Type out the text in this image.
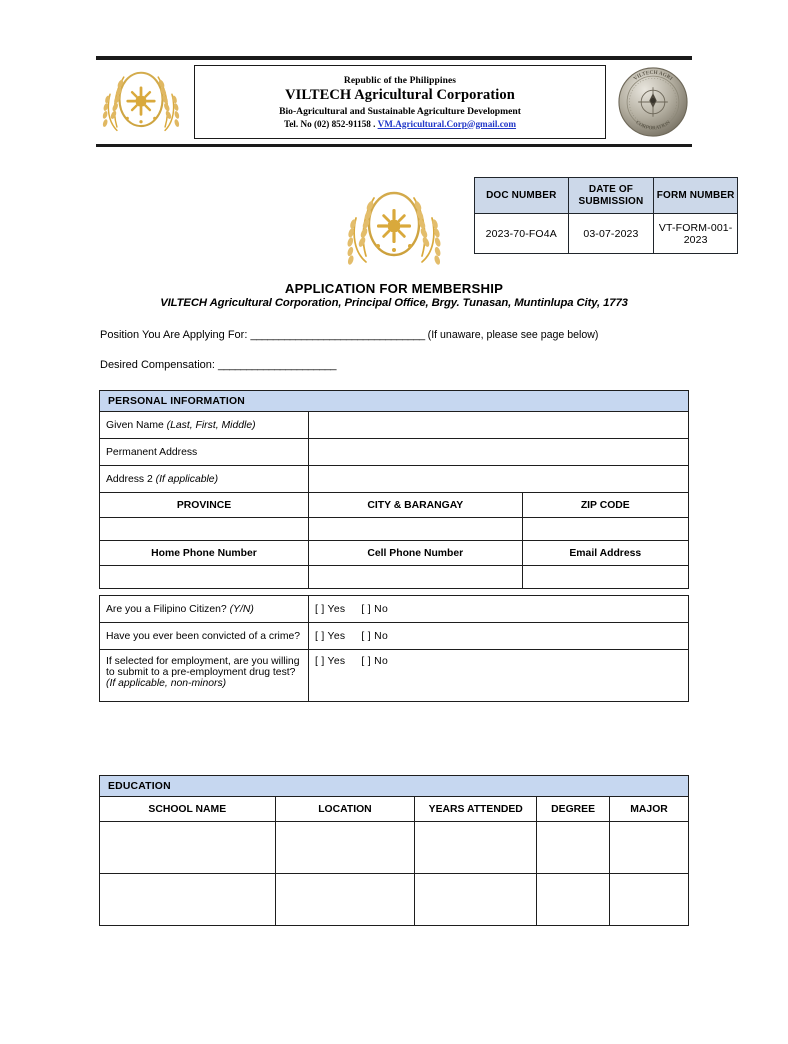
Republic of the Philippines
VILTECH Agricultural Corporation
Bio-Agricultural and Sustainable Agriculture Development
Tel. No (02) 852-91158 . VM.Agricultural.Corp@gmail.com
VILTECH AGRI
CORPORATION
DOC NUMBER	DATE OF SUBMISSION	FORM NUMBER
2023-70-FO4A	03-07-2023	VT-FORM-001-2023
APPLICATION FOR MEMBERSHIP
VILTECH Agricultural Corporation, Principal Office, Brgy. Tunasan, Muntinlupa City, 1773
Position You Are Applying For: _______________________________ (If unaware, please see page below)
Desired Compensation: _____________________
PERSONAL INFORMATION		
Given Name (Last, First, Middle)		
Permanent Address		
Address 2 (If applicable)		
PROVINCE	CITY & BARANGAY	ZIP CODE

Home Phone Number	Cell Phone Number	Email Address

Are you a Filipino Citizen? (Y/N)	[ ] Yes [ ] No	
Have you ever been convicted of a crime?	[ ] Yes [ ] No	
If selected for employment, are you willing to submit to a pre-employment drug test? (If applicable, non-minors)	[ ] Yes [ ] No	
EDUCATION				
SCHOOL NAME	LOCATION	YEARS ATTENDED	DEGREE	MAJOR
